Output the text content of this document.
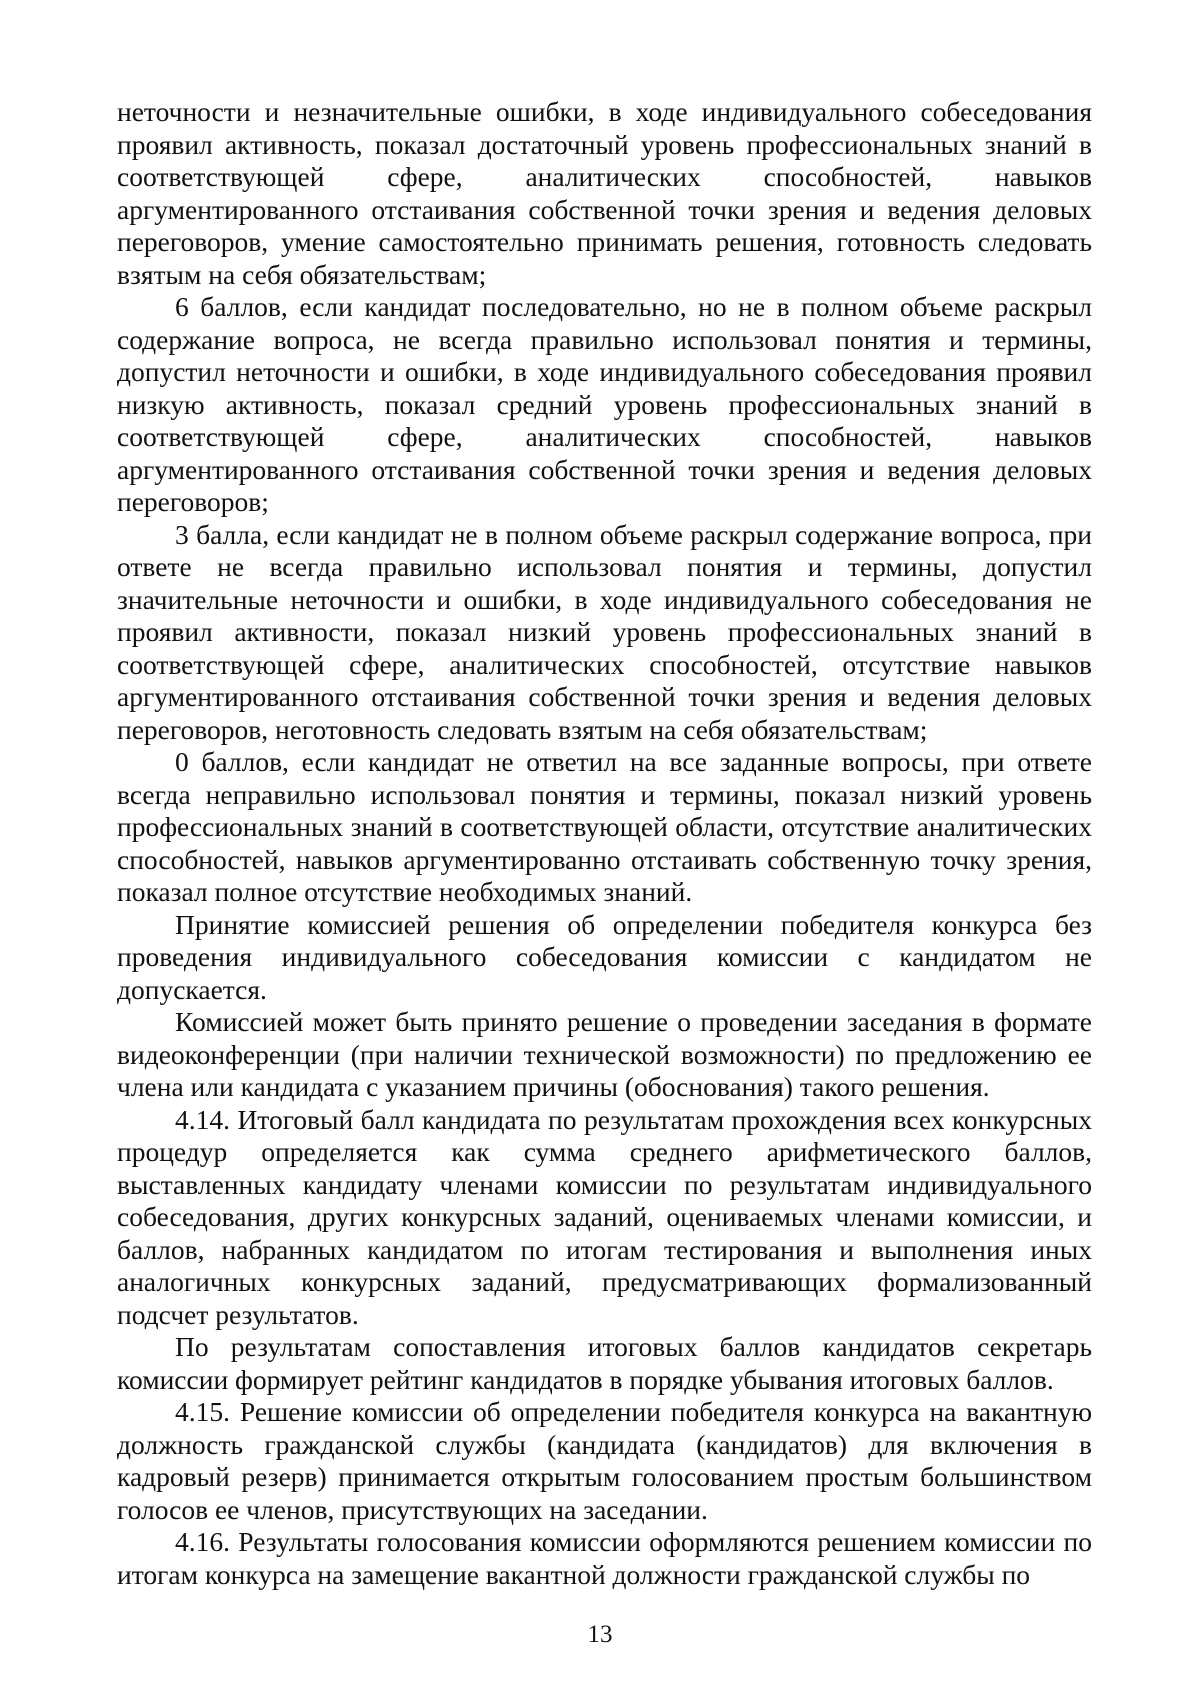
неточности и незначительные ошибки, в ходе индивидуального собеседования проявил активность, показал достаточный уровень профессиональных знаний в соответствующей сфере, аналитических способностей, навыков аргументированного отстаивания собственной точки зрения и ведения деловых переговоров, умение самостоятельно принимать решения, готовность следовать взятым на себя обязательствам;

6 баллов, если кандидат последовательно, но не в полном объеме раскрыл содержание вопроса, не всегда правильно использовал понятия и термины, допустил неточности и ошибки, в ходе индивидуального собеседования проявил низкую активность, показал средний уровень профессиональных знаний в соответствующей сфере, аналитических способностей, навыков аргументированного отстаивания собственной точки зрения и ведения деловых переговоров;

3 балла, если кандидат не в полном объеме раскрыл содержание вопроса, при ответе не всегда правильно использовал понятия и термины, допустил значительные неточности и ошибки, в ходе индивидуального собеседования не проявил активности, показал низкий уровень профессиональных знаний в соответствующей сфере, аналитических способностей, отсутствие навыков аргументированного отстаивания собственной точки зрения и ведения деловых переговоров, неготовность следовать взятым на себя обязательствам;

0 баллов, если кандидат не ответил на все заданные вопросы, при ответе всегда неправильно использовал понятия и термины, показал низкий уровень профессиональных знаний в соответствующей области, отсутствие аналитических способностей, навыков аргументированно отстаивать собственную точку зрения, показал полное отсутствие необходимых знаний.

Принятие комиссией решения об определении победителя конкурса без проведения индивидуального собеседования комиссии с кандидатом не допускается.

Комиссией может быть принято решение о проведении заседания в формате видеоконференции (при наличии технической возможности) по предложению ее члена или кандидата с указанием причины (обоснования) такого решения.

4.14. Итоговый балл кандидата по результатам прохождения всех конкурсных процедур определяется как сумма среднего арифметического баллов, выставленных кандидату членами комиссии по результатам индивидуального собеседования, других конкурсных заданий, оцениваемых членами комиссии, и баллов, набранных кандидатом по итогам тестирования и выполнения иных аналогичных конкурсных заданий, предусматривающих формализованный подсчет результатов.

По результатам сопоставления итоговых баллов кандидатов секретарь комиссии формирует рейтинг кандидатов в порядке убывания итоговых баллов.

4.15. Решение комиссии об определении победителя конкурса на вакантную должность гражданской службы (кандидата (кандидатов) для включения в кадровый резерв) принимается открытым голосованием простым большинством голосов ее членов, присутствующих на заседании.

4.16. Результаты голосования комиссии оформляются решением комиссии по итогам конкурса на замещение вакантной должности гражданской службы по

13
